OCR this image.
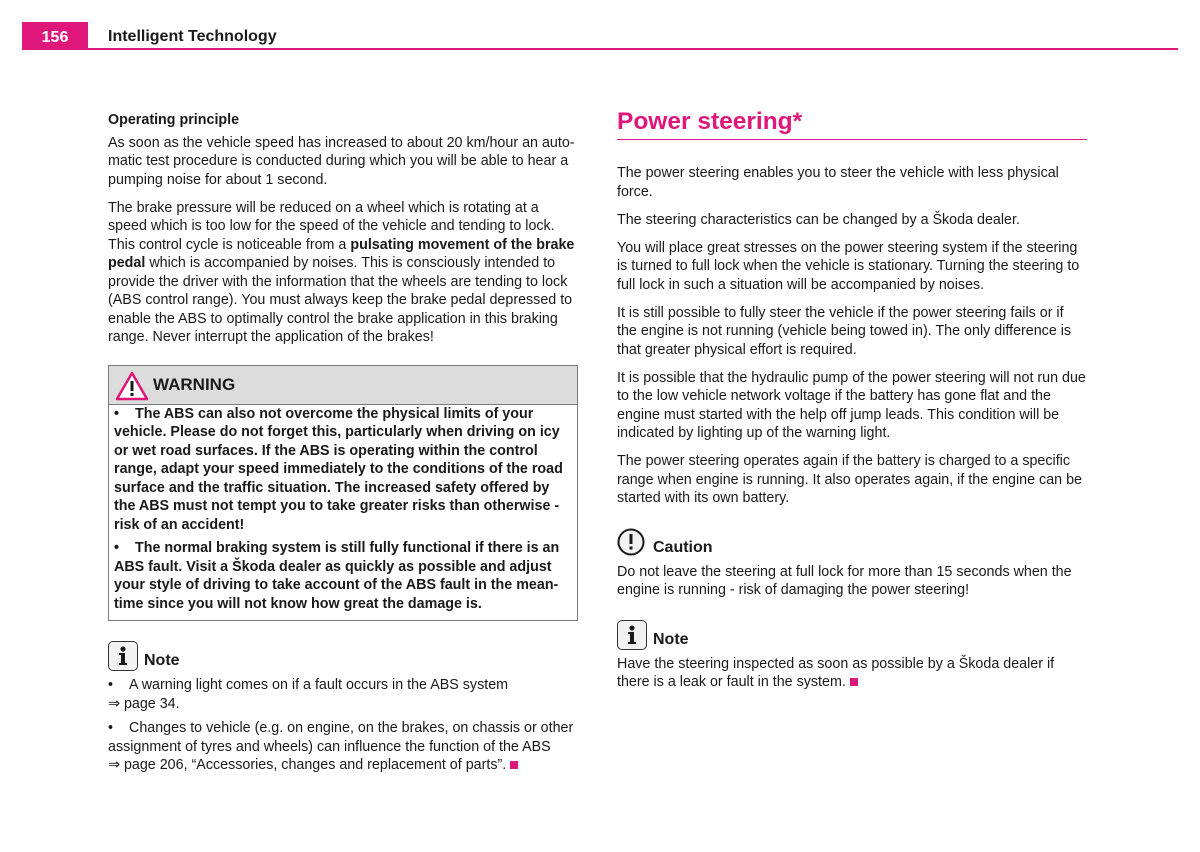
156	Intelligent Technology

Operating principle

As soon as the vehicle speed has increased to about 20 km/hour an auto-matic test procedure is conducted during which you will be able to hear a pumping noise for about 1 second.

The brake pressure will be reduced on a wheel which is rotating at a speed which is too low for the speed of the vehicle and tending to lock. This control cycle is noticeable from a pulsating movement of the brake pedal which is accompanied by noises. This is consciously intended to provide the driver with the information that the wheels are tending to lock (ABS control range). You must always keep the brake pedal depressed to enable the ABS to optimally control the brake application in this braking range. Never interrupt the application of the brakes!

WARNING

• The ABS can also not overcome the physical limits of your vehicle. Please do not forget this, particularly when driving on icy or wet road surfaces. If the ABS is operating within the control range, adapt your speed immediately to the conditions of the road surface and the traffic situation. The increased safety offered by the ABS must not tempt you to take greater risks than otherwise - risk of an accident!

• The normal braking system is still fully functional if there is an ABS fault. Visit a Škoda dealer as quickly as possible and adjust your style of driving to take account of the ABS fault in the mean-time since you will not know how great the damage is.

Note

• A warning light comes on if a fault occurs in the ABS system
⇒ page 34.

• Changes to vehicle (e.g. on engine, on the brakes, on chassis or other assignment of tyres and wheels) can influence the function of the ABS
⇒ page 206, “Accessories, changes and replacement of parts”.

Power steering*

The power steering enables you to steer the vehicle with less physical force.

The steering characteristics can be changed by a Škoda dealer.

You will place great stresses on the power steering system if the steering is turned to full lock when the vehicle is stationary. Turning the steering to full lock in such a situation will be accompanied by noises.

It is still possible to fully steer the vehicle if the power steering fails or if the engine is not running (vehicle being towed in). The only difference is that greater physical effort is required.

It is possible that the hydraulic pump of the power steering will not run due to the low vehicle network voltage if the battery has gone flat and the engine must started with the help off jump leads. This condition will be indicated by lighting up of the warning light.

The power steering operates again if the battery is charged to a specific range when engine is running. It also operates again, if the engine can be started with its own battery.

Caution

Do not leave the steering at full lock for more than 15 seconds when the engine is running - risk of damaging the power steering!

Note

Have the steering inspected as soon as possible by a Škoda dealer if there is a leak or fault in the system.
